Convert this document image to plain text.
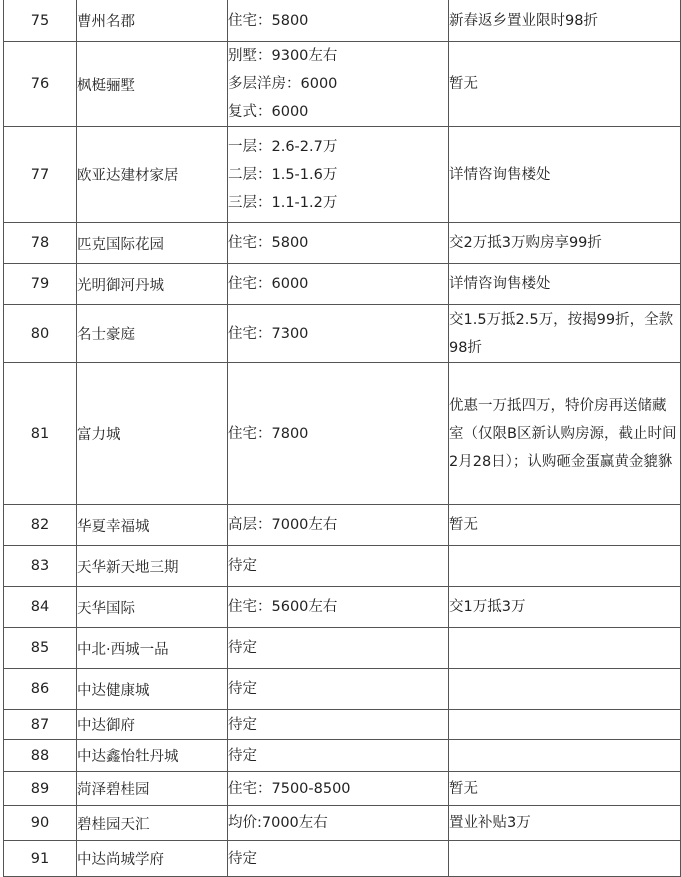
75	曹州名郡	住宅：5800	新春返乡置业限时98折
76	枫梃骊墅	别墅：9300左右
多层洋房：6000
复式：6000	暂无
77	欧亚达建材家居	一层：2.6-2.7万
二层：1.5-1.6万
三层：1.1-1.2万	详情咨询售楼处
78	匹克国际花园	住宅：5800	交2万抵3万购房享99折
79	光明御河丹城	住宅：6000	详情咨询售楼处
80	名士豪庭	住宅：7300	交1.5万抵2.5万，按揭99折，全款98折
81	富力城	住宅：7800	优惠一万抵四万，特价房再送储藏室（仅限B区新认购房源，截止时间2月28日）；认购砸金蛋赢黄金貔貅
82	华夏幸福城	高层：7000左右	暂无
83	天华新天地三期	待定	

84	天华国际	住宅：5600左右	交1万抵3万
85	中北·西城一品	待定	

86	中达健康城	待定	

87	中达御府	待定	

88	中达鑫怡牡丹城	待定	

89	菏泽碧桂园	住宅：7500-8500	暂无
90	碧桂园天汇	均价:7000左右	置业补贴3万
91	中达尚城学府	待定	
